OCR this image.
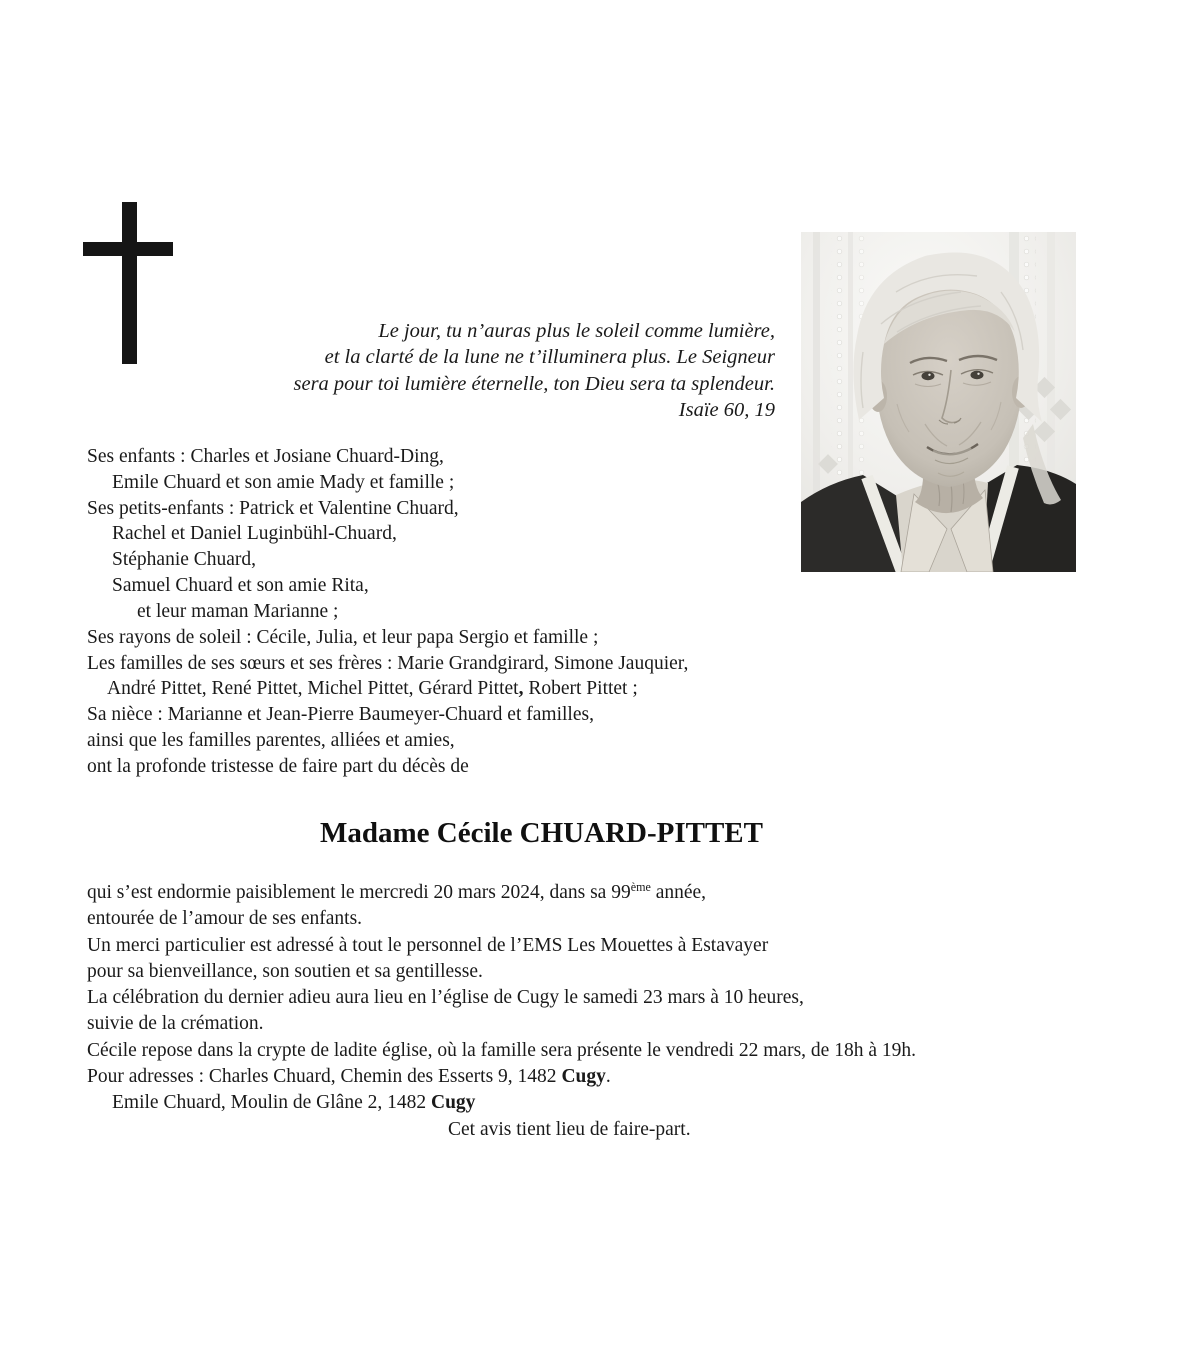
Le jour, tu n’auras plus le soleil comme lumière,
et la clarté de la lune ne t’illuminera plus. Le Seigneur
sera pour toi lumière éternelle, ton Dieu sera ta splendeur.
Isaïe 60, 19
Ses enfants : Charles et Josiane Chuard-Ding,
Emile Chuard et son amie Mady et famille ;
Ses petits-enfants : Patrick et Valentine Chuard,
Rachel et Daniel Luginbühl-Chuard,
Stéphanie Chuard,
Samuel Chuard et son amie Rita,
et leur maman Marianne ;
Ses rayons de soleil : Cécile, Julia, et leur papa Sergio et famille ;
Les familles de ses sœurs et ses frères : Marie Grandgirard, Simone Jauquier,
André Pittet, René Pittet, Michel Pittet, Gérard Pittet, Robert Pittet ;
Sa nièce : Marianne et Jean-Pierre Baumeyer-Chuard et familles,
ainsi que les familles parentes, alliées et amies,
ont la profonde tristesse de faire part du décès de
Madame Cécile CHUARD-PITTET
qui s’est endormie paisiblement le mercredi 20 mars 2024, dans sa 99ème année,
entourée de l’amour de ses enfants.
Un merci particulier est adressé à tout le personnel de l’EMS Les Mouettes à Estavayer
pour sa bienveillance, son soutien et sa gentillesse.
La célébration du dernier adieu aura lieu en l’église de Cugy le samedi 23 mars à 10 heures,
suivie de la crémation.
Cécile repose dans la crypte de ladite église, où la famille sera présente le vendredi 22 mars, de 18h à 19h.
Pour adresses : Charles Chuard, Chemin des Esserts 9, 1482 Cugy.
Emile Chuard, Moulin de Glâne 2, 1482 Cugy
Cet avis tient lieu de faire-part.
